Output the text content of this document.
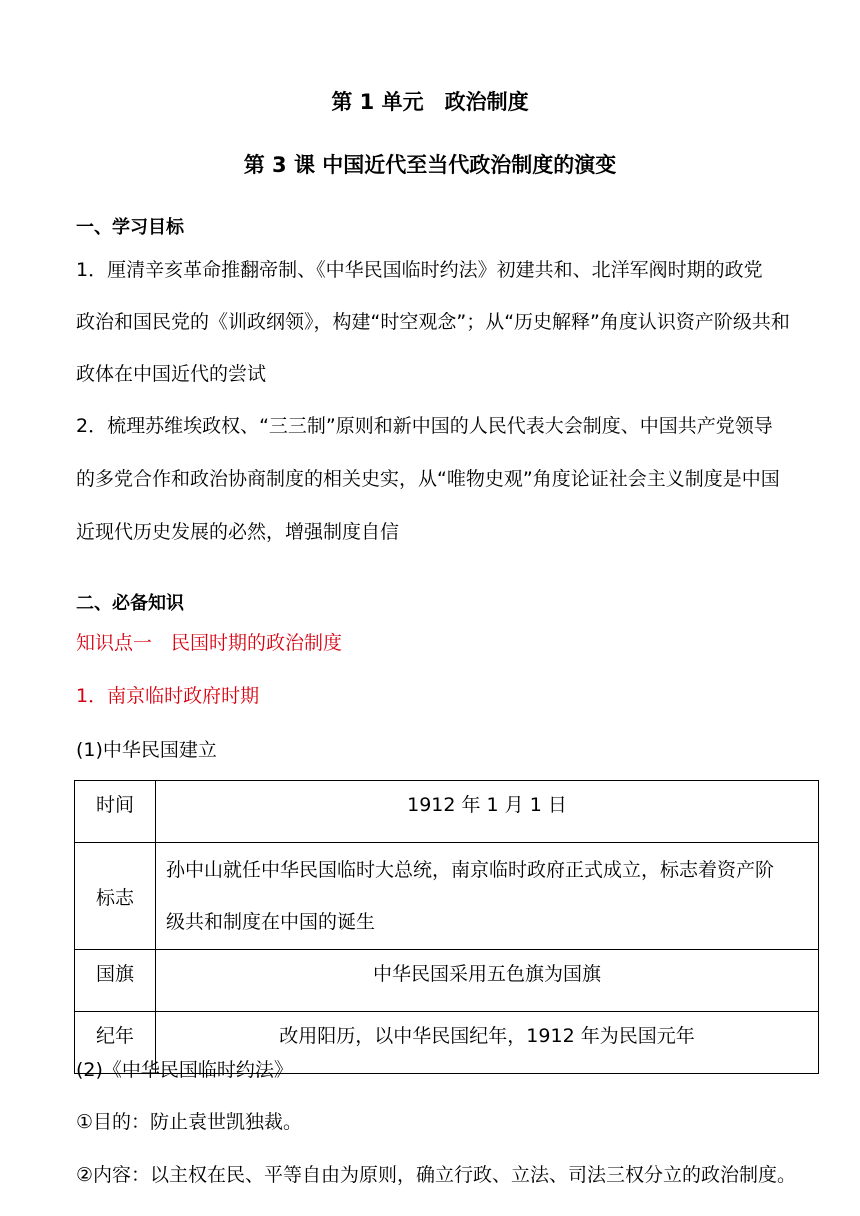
第 1 单元　政治制度
第 3 课 中国近代至当代政治制度的演变
一、学习目标
1．厘清辛亥革命推翻帝制、《中华民国临时约法》初建共和、北洋军阀时期的政党
政治和国民党的《训政纲领》，构建“时空观念”；从“历史解释”角度认识资产阶级共和
政体在中国近代的尝试
2．梳理苏维埃政权、“三三制”原则和新中国的人民代表大会制度、中国共产党领导
的多党合作和政治协商制度的相关史实，从“唯物史观”角度论证社会主义制度是中国
近现代历史发展的必然，增强制度自信
二、必备知识
知识点一　民国时期的政治制度
1．南京临时政府时期
(1)中华民国建立
时间	1912 年 1 月 1 日
标志	孙中山就任中华民国临时大总统，南京临时政府正式成立，标志着资产阶
级共和制度在中国的诞生

国旗	中华民国采用五色旗为国旗
纪年	改用阳历，以中华民国纪年，1912 年为民国元年
(2)《中华民国临时约法》
①目的：防止袁世凯独裁。
②内容：以主权在民、平等自由为原则，确立行政、立法、司法三权分立的政治制度。
